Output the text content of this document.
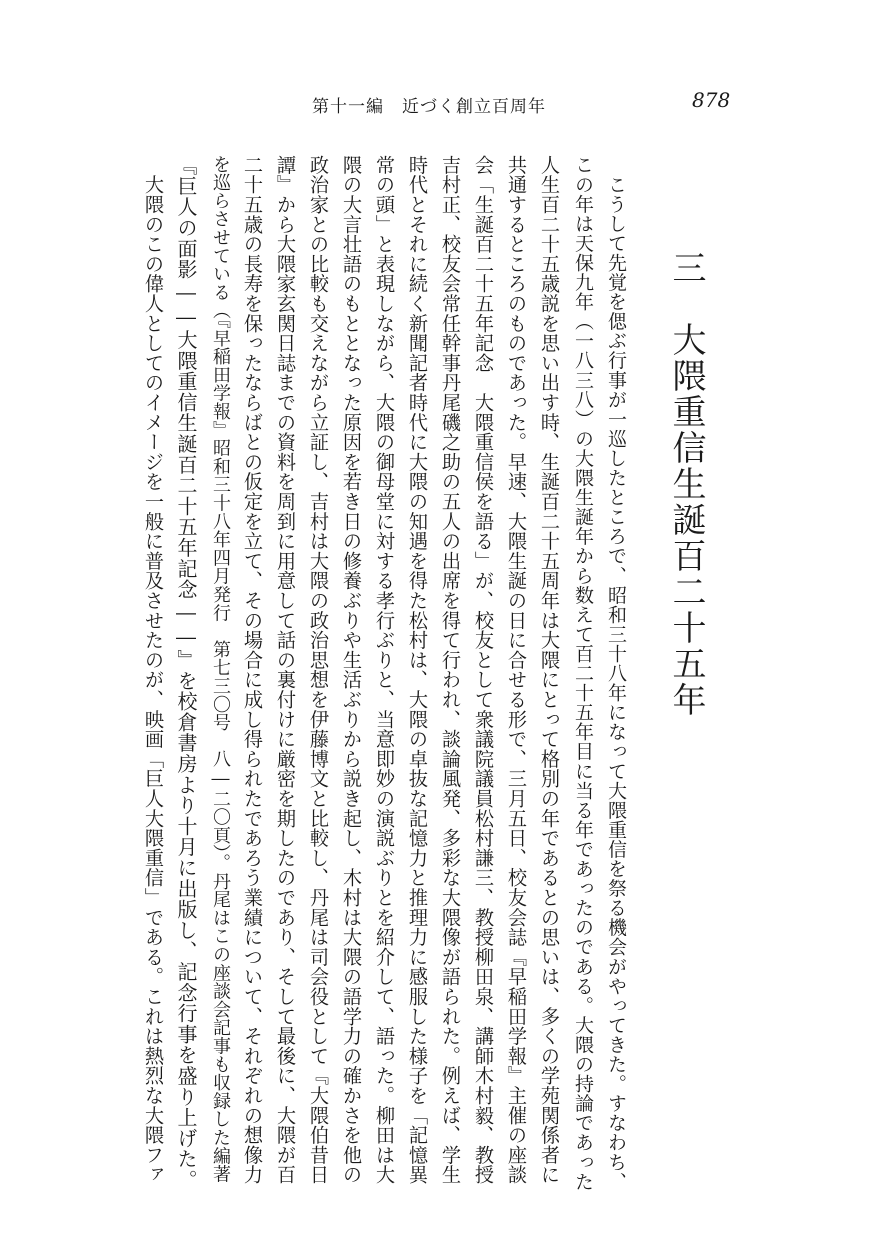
第十一編　近づく創立百周年	878
三　大隈重信生誕百二十五年
　こうして先覚を偲ぶ行事が一巡したところで、昭和三十八年になって大隈重信を祭る機会がやってきた。すなわち、
この年は天保九年（一八三八）の大隈生誕年から数えて百二十五年目に当る年であったのである。大隈の持論であった
人生百二十五歳説を思い出す時、生誕百二十五周年は大隈にとって格別の年であるとの思いは、多くの学苑関係者に
共通するところのものであった。早速、大隈生誕の日に合せる形で、三月五日、校友会誌『早稲田学報』主催の座談
会「生誕百二十五年記念　大隈重信侯を語る」が、校友として衆議院議員松村謙三、教授柳田泉、講師木村毅、教授
吉村正、校友会常任幹事丹尾磯之助の五人の出席を得て行われ、談論風発、多彩な大隈像が語られた。例えば、学生
時代とそれに続く新聞記者時代に大隈の知遇を得た松村は、大隈の卓抜な記憶力と推理力に感服した様子を「記憶異
常の頭」と表現しながら、大隈の御母堂に対する孝行ぶりと、当意即妙の演説ぶりとを紹介して、語った。柳田は大
隈の大言壮語のもととなった原因を若き日の修養ぶりや生活ぶりから説き起し、木村は大隈の語学力の確かさを他の
政治家との比較も交えながら立証し、吉村は大隈の政治思想を伊藤博文と比較し、丹尾は司会役として『大隈伯昔日
譚』から大隈家玄関日誌までの資料を周到に用意して話の裏付けに厳密を期したのであり、そして最後に、大隈が百
二十五歳の長寿を保ったならばとの仮定を立て、その場合に成し得られたであろう業績について、それぞれの想像力
を巡らさせている（『早稲田学報』昭和三十八年四月発行　第七三〇号　八―二〇頁）。丹尾はこの座談会記事も収録した編著
『巨人の面影――大隈重信生誕百二十五年記念――』を校倉書房より十月に出版し、記念行事を盛り上げた。
　大隈のこの偉人としてのイメージを一般に普及させたのが、映画「巨人大隈重信」である。これは熱烈な大隈ファ
